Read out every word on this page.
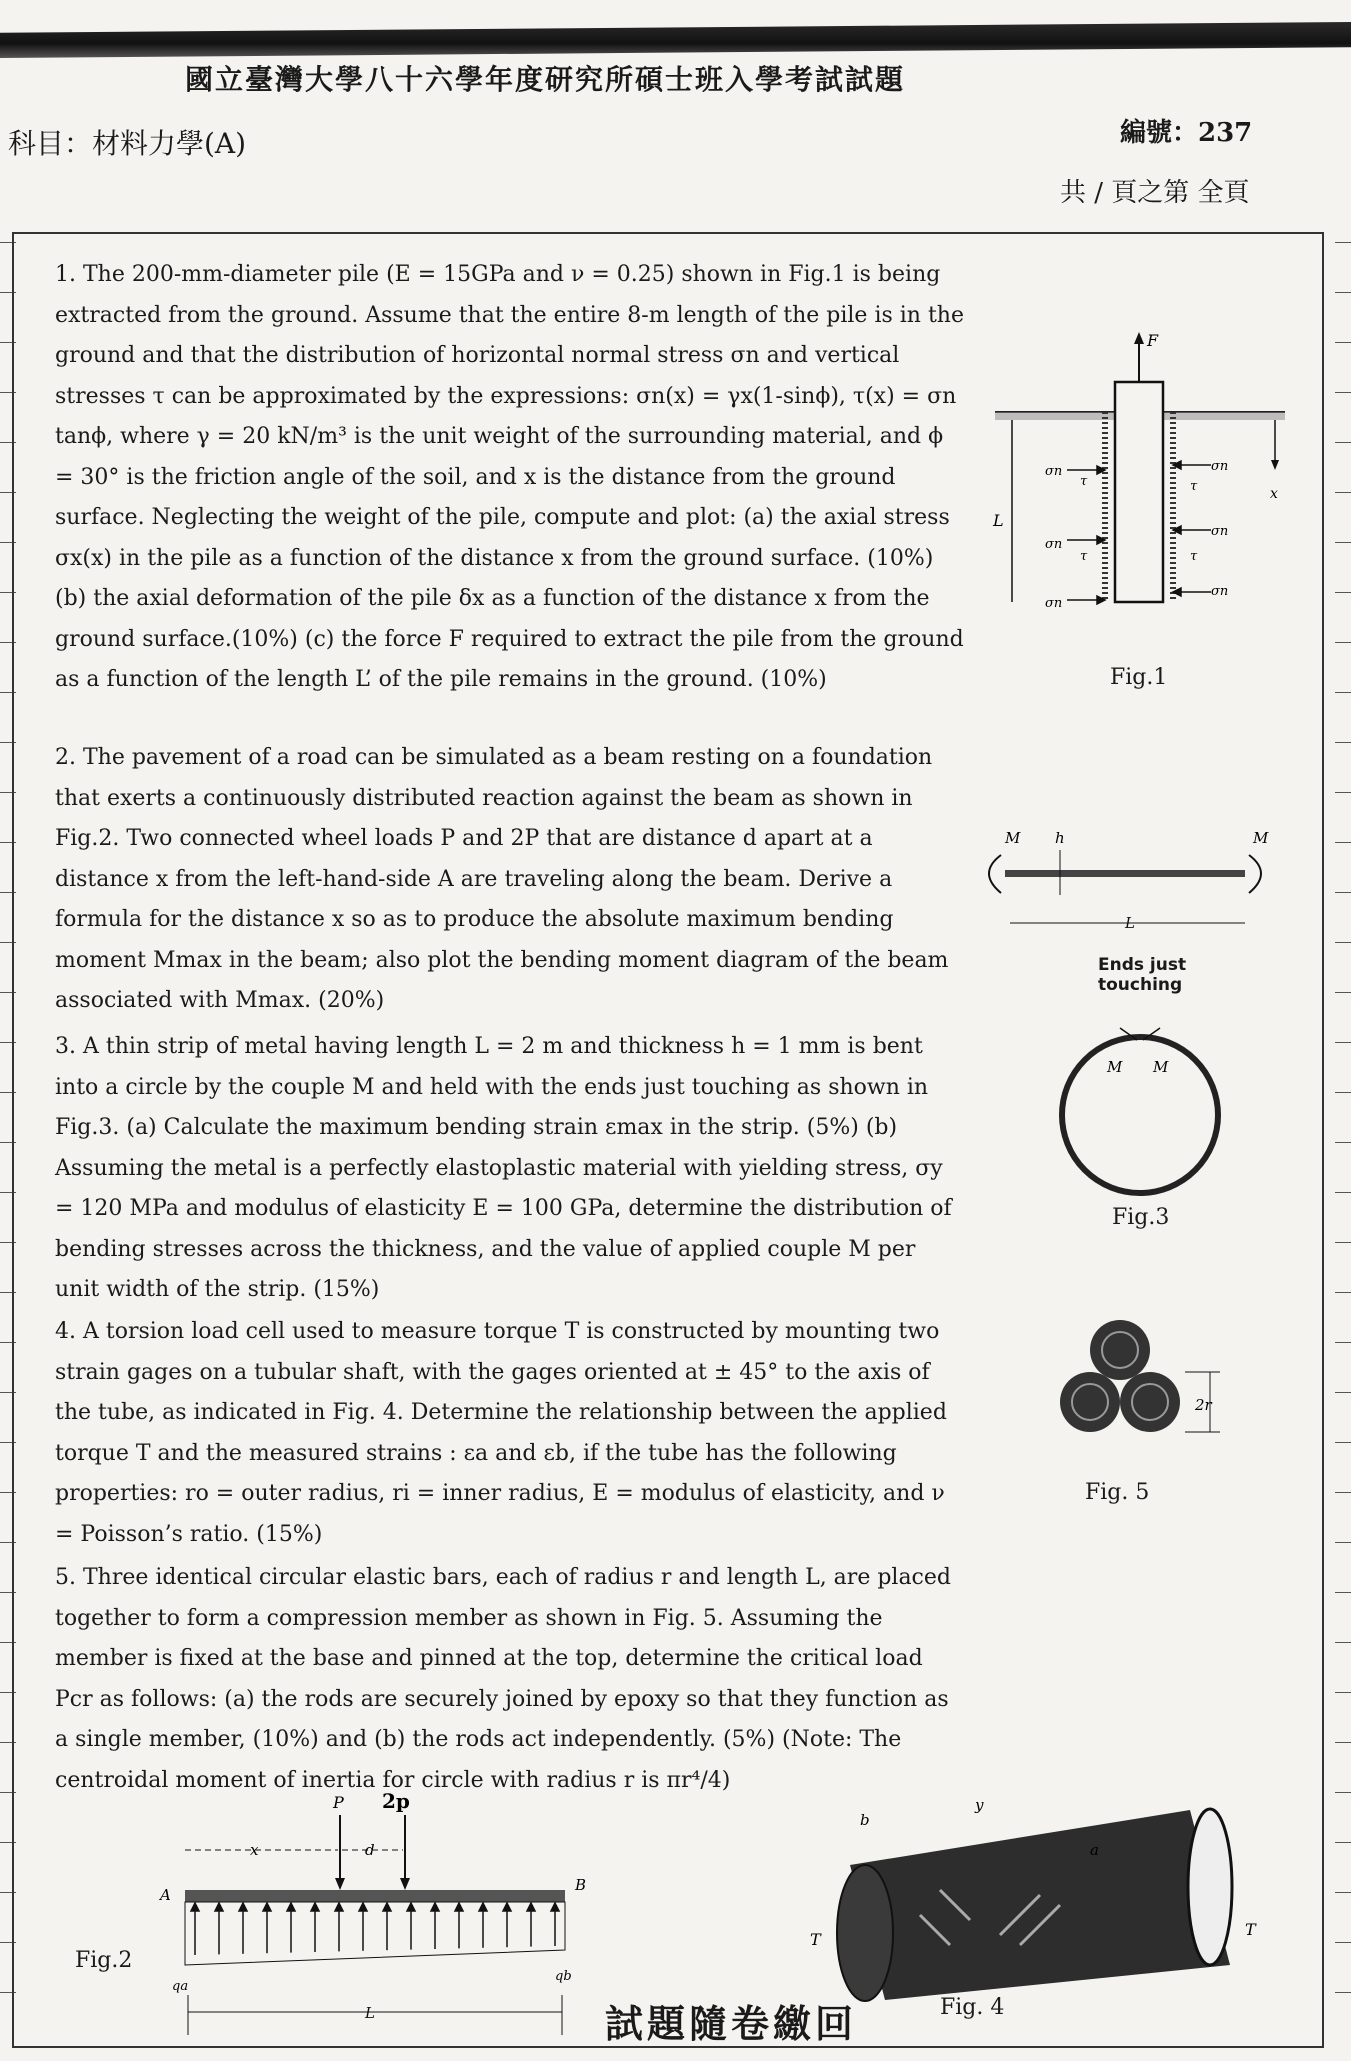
國立臺灣大學八十六學年度研究所碩士班入學考試試題
科目：材料力學(A)	編號：237
共 / 頁之第 全頁

1. The 200-mm-diameter pile (E = 15GPa and ν = 0.25) shown in Fig.1 is being extracted from the ground. Assume that the entire 8-m length of the pile is in the ground and that the distribution of horizontal normal stress σn and vertical stresses τ can be approximated by the expressions: σn(x) = γx(1-sinϕ), τ(x) = σn tanϕ, where γ = 20 kN/m³ is the unit weight of the surrounding material, and ϕ = 30° is the friction angle of the soil, and x is the distance from the ground surface. Neglecting the weight of the pile, compute and plot: (a) the axial stress σx(x) in the pile as a function of the distance x from the ground surface. (10%) (b) the axial deformation of the pile δx as a function of the distance x from the ground surface.(10%) (c) the force F required to extract the pile from the ground as a function of the length L’ of the pile remains in the ground. (10%)

2. The pavement of a road can be simulated as a beam resting on a foundation that exerts a continuously distributed reaction against the beam as shown in Fig.2. Two connected wheel loads P and 2P that are distance d apart at a distance x from the left-hand-side A are traveling along the beam. Derive a formula for the distance x so as to produce the absolute maximum bending moment Mmax in the beam; also plot the bending moment diagram of the beam associated with Mmax. (20%)

3. A thin strip of metal having length L = 2 m and thickness h = 1 mm is bent into a circle by the couple M and held with the ends just touching as shown in Fig.3. (a) Calculate the maximum bending strain εmax in the strip. (5%) (b) Assuming the metal is a perfectly elastoplastic material with yielding stress, σy = 120 MPa and modulus of elasticity E = 100 GPa, determine the distribution of bending stresses across the thickness, and the value of applied couple M per unit width of the strip. (15%)

4. A torsion load cell used to measure torque T is constructed by mounting two strain gages on a tubular shaft, with the gages oriented at ± 45° to the axis of the tube, as indicated in Fig. 4. Determine the relationship between the applied torque T and the measured strains : εa and εb, if the tube has the following properties: ro = outer radius, ri = inner radius, E = modulus of elasticity, and ν = Poisson’s ratio. (15%)

5. Three identical circular elastic bars, each of radius r and length L, are placed together to form a compression member as shown in Fig. 5. Assuming the member is fixed at the base and pinned at the top, determine the critical load Pcr as follows: (a) the rods are securely joined by epoxy so that they function as a single member, (10%) and (b) the rods act independently. (5%) (Note: The centroidal moment of inertia for circle with radius r is πr⁴/4)

F
L
x
σn
σn
σn
σn
σn
σn
τ
τ
τ
τ
Fig.1
M h	M
L
Ends just touching
M M
Fig.3
2r
Fig. 5
P 2p
x	d
A
B
qa
qb
L
Fig.2
b
y
a
T
T
Fig. 4
試題隨卷繳回
